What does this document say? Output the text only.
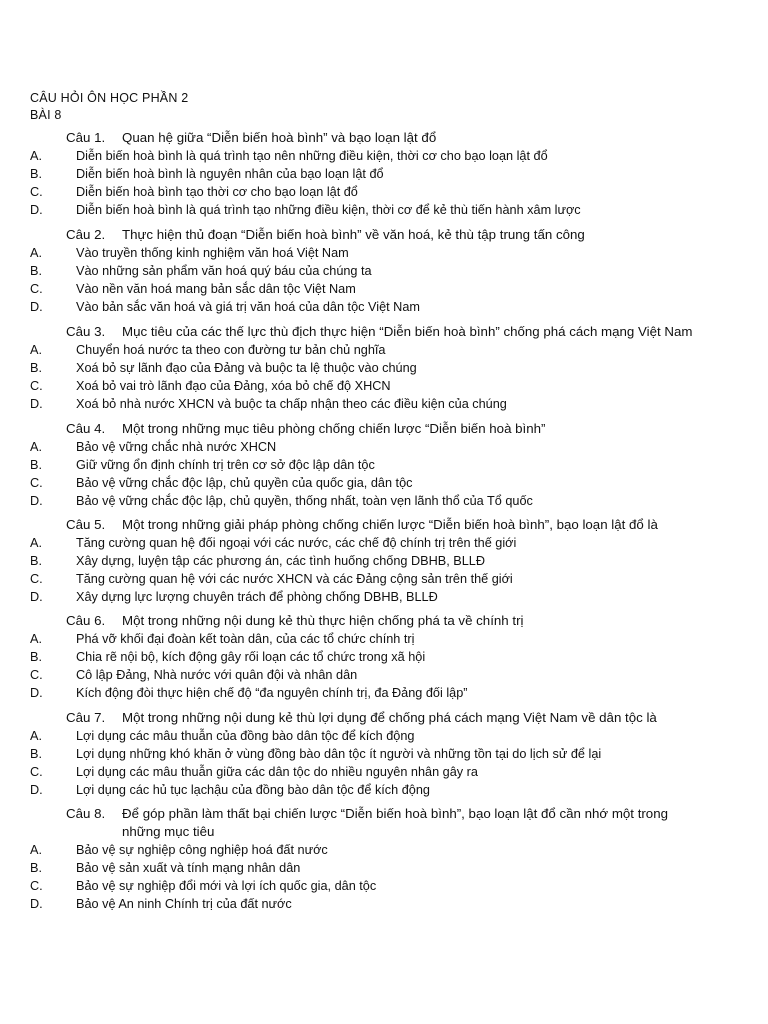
CÂU HỎI ÔN HỌC PHẦN 2
BÀI 8
Câu 1. Quan hệ giữa “Diễn biến hoà bình” và bạo loạn lật đổ
A.	Diễn biến hoà bình là quá trình tạo nên những điều kiện, thời cơ cho bạo loạn lật đổ
B.	Diễn biến hoà bình là nguyên nhân của bạo loạn lật đổ
C.	Diễn biến hoà bình tạo thời cơ cho bạo loạn lật đổ
D.	Diễn biến hoà bình là quá trình tạo những điều kiện, thời cơ để kẻ thù tiến hành xâm lược
Câu 2. Thực hiện thủ đoạn “Diễn biến hoà bình” về văn hoá, kẻ thù tập trung tấn công
A.	Vào truyền thống kinh nghiệm văn hoá Việt Nam
B.	Vào những sản phẩm văn hoá quý báu của chúng ta
C.	Vào nền văn hoá mang bản sắc dân tộc Việt Nam
D.	Vào bản sắc văn hoá và giá trị văn hoá của dân tộc Việt Nam
Câu 3. Mục tiêu của các thế lực thù địch thực hiện “Diễn biến hoà bình” chống phá cách mạng Việt Nam
A.	Chuyển hoá nước ta theo con đường tư bản chủ nghĩa
B.	Xoá bỏ sự lãnh đạo của Đảng và buộc ta lệ thuộc vào chúng
C.	Xoá bỏ vai trò lãnh đạo của Đảng, xóa bỏ chế độ XHCN
D.	Xoá bỏ nhà nước XHCN và buộc ta chấp nhận theo các điều kiện của chúng
Câu 4. Một trong những mục tiêu phòng chống chiến lược “Diễn biến hoà bình”
A.	Bảo vệ vững chắc nhà nước XHCN
B.	Giữ vững ổn định chính trị trên cơ sở độc lập dân tộc
C.	Bảo vệ vững chắc độc lập, chủ quyền của quốc gia, dân tộc
D.	Bảo vệ vững chắc độc lập, chủ quyền, thống nhất, toàn vẹn lãnh thổ của Tổ quốc
Câu 5. Một trong những giải pháp phòng chống chiến lược “Diễn biến hoà bình”, bạo loạn lật đổ là
A.	Tăng cường quan hệ đối ngoại với các nước, các chế độ chính trị trên thế giới
B.	Xây dựng, luyện tập các phương án, các tình huống chống DBHB, BLLĐ
C.	Tăng cường quan hệ với các nước XHCN và các Đảng cộng sản trên thế giới
D.	Xây dựng lực lượng chuyên trách để phòng chống DBHB, BLLĐ
Câu 6. Một trong những nội dung kẻ thù thực hiện chống phá ta về chính trị
A.	Phá vỡ khối đại đoàn kết toàn dân, của các tổ chức chính trị
B.	Chia rẽ nội bộ, kích động gây rối loạn các tổ chức trong xã hội
C.	Cô lập Đảng, Nhà nước với quân đội và nhân dân
D.	Kích động đòi thực hiện chế độ “đa nguyên chính trị, đa Đảng đối lập”
Câu 7. Một trong những nội dung kẻ thù lợi dụng để chống phá cách mạng Việt Nam về dân tộc là
A.	Lợi dụng các mâu thuẫn của đồng bào dân tộc để kích động
B.	Lợi dụng những khó khăn ở vùng đồng bào dân tộc ít người và những tồn tại do lịch sử để lại
C.	Lợi dụng các mâu thuẫn giữa các dân tộc do nhiều nguyên nhân gây ra
D.	Lợi dụng các hủ tục lạchậu của đồng bào dân tộc để kích động
Câu 8. Để góp phần làm thất bại chiến lược “Diễn biến hoà bình”, bạo loạn lật đổ cần nhớ một trong
những mục tiêu
A.	Bảo vệ sự nghiệp công nghiệp hoá đất nước
B.	Bảo vệ sản xuất và tính mạng nhân dân
C.	Bảo vệ sự nghiệp đổi mới và lợi ích quốc gia, dân tộc
D.	Bảo vệ An ninh Chính trị của đất nước
